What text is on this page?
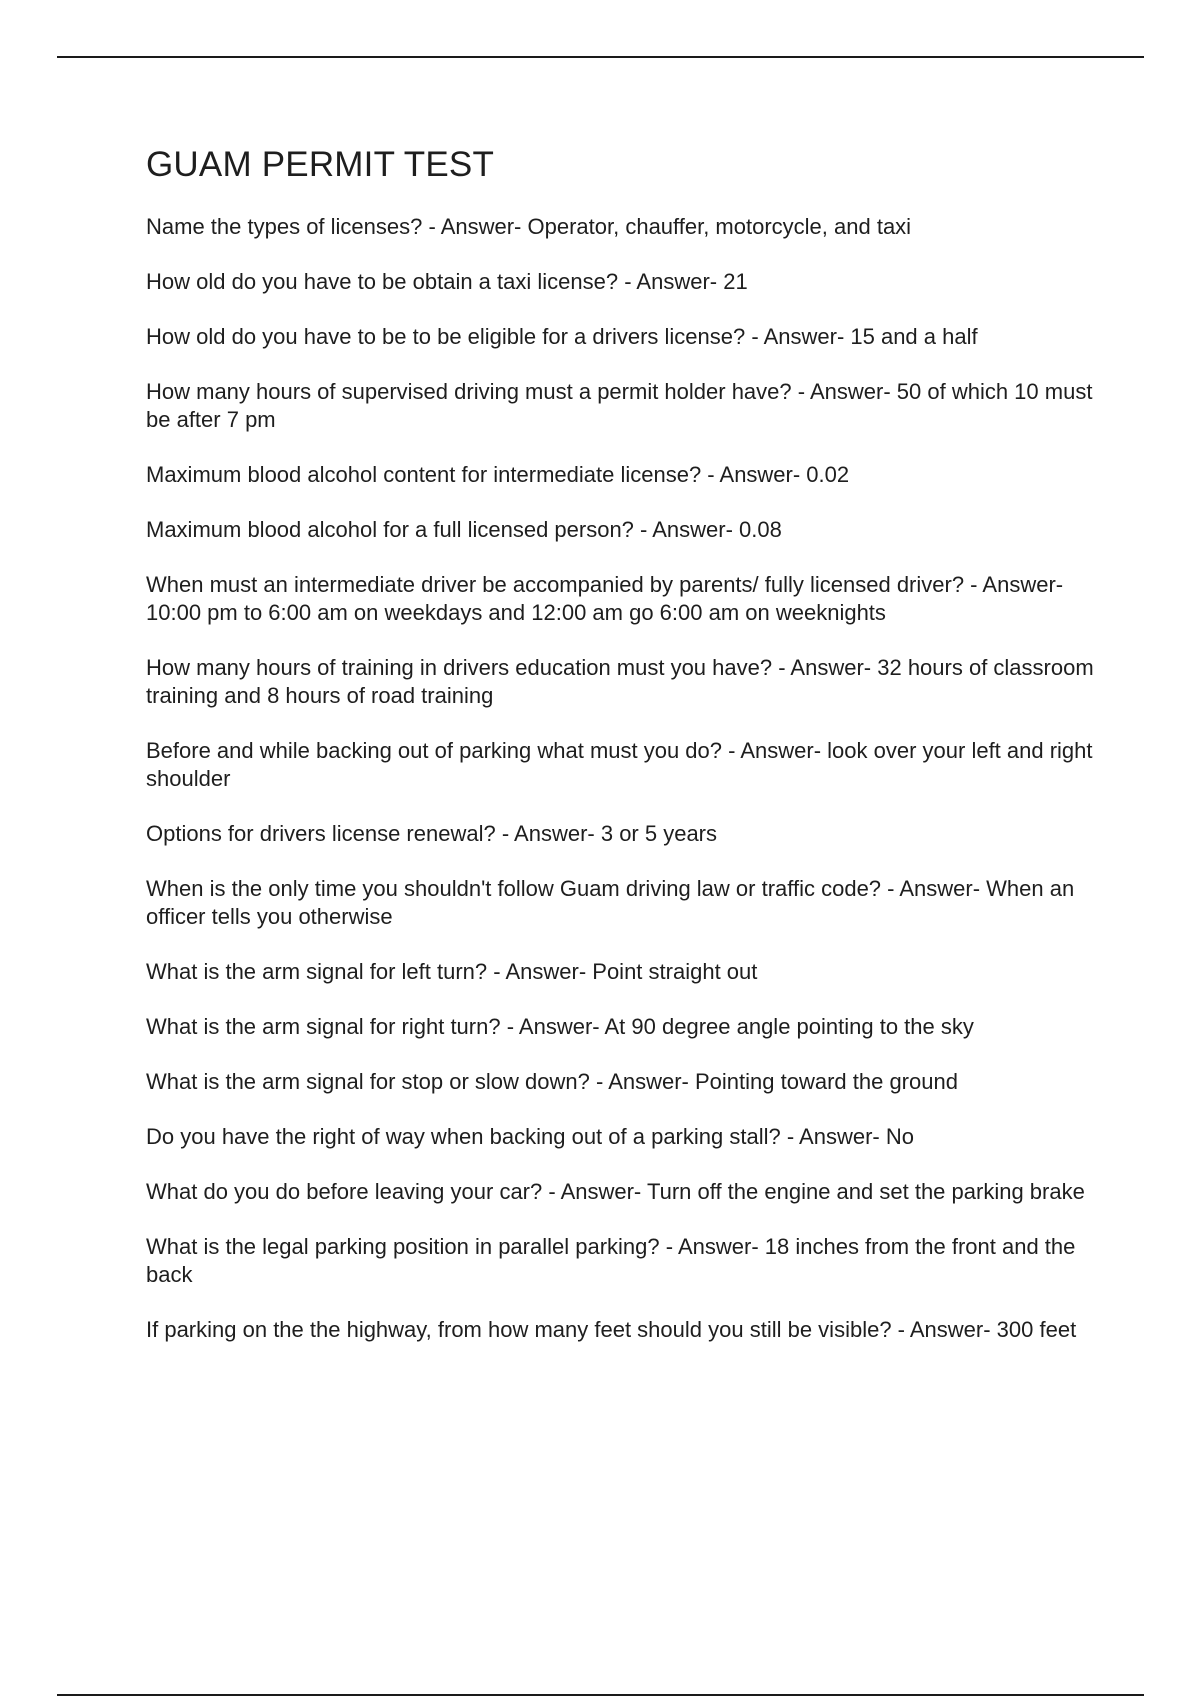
GUAM PERMIT TEST
Name the types of licenses? - Answer- Operator, chauffer, motorcycle, and taxi
How old do you have to be obtain a taxi license? - Answer- 21
How old do you have to be to be eligible for a drivers license? - Answer- 15 and a half
How many hours of supervised driving must a permit holder have? - Answer- 50 of which 10 must be after 7 pm
Maximum blood alcohol content for intermediate license? - Answer- 0.02
Maximum blood alcohol for a full licensed person? - Answer- 0.08
When must an intermediate driver be accompanied by parents/ fully licensed driver? - Answer- 10:00 pm to 6:00 am on weekdays and 12:00 am go 6:00 am on weeknights
How many hours of training in drivers education must you have? - Answer- 32 hours of classroom training and 8 hours of road training
Before and while backing out of parking what must you do? - Answer- look over your left and right shoulder
Options for drivers license renewal? - Answer- 3 or 5 years
When is the only time you shouldn't follow Guam driving law or traffic code? - Answer- When an officer tells you otherwise
What is the arm signal for left turn? - Answer- Point straight out
What is the arm signal for right turn? - Answer- At 90 degree angle pointing to the sky
What is the arm signal for stop or slow down? - Answer- Pointing toward the ground
Do you have the right of way when backing out of a parking stall? - Answer- No
What do you do before leaving your car? - Answer- Turn off the engine and set the parking brake
What is the legal parking position in parallel parking? - Answer- 18 inches from the front and the back
If parking on the the highway, from how many feet should you still be visible? - Answer- 300 feet
